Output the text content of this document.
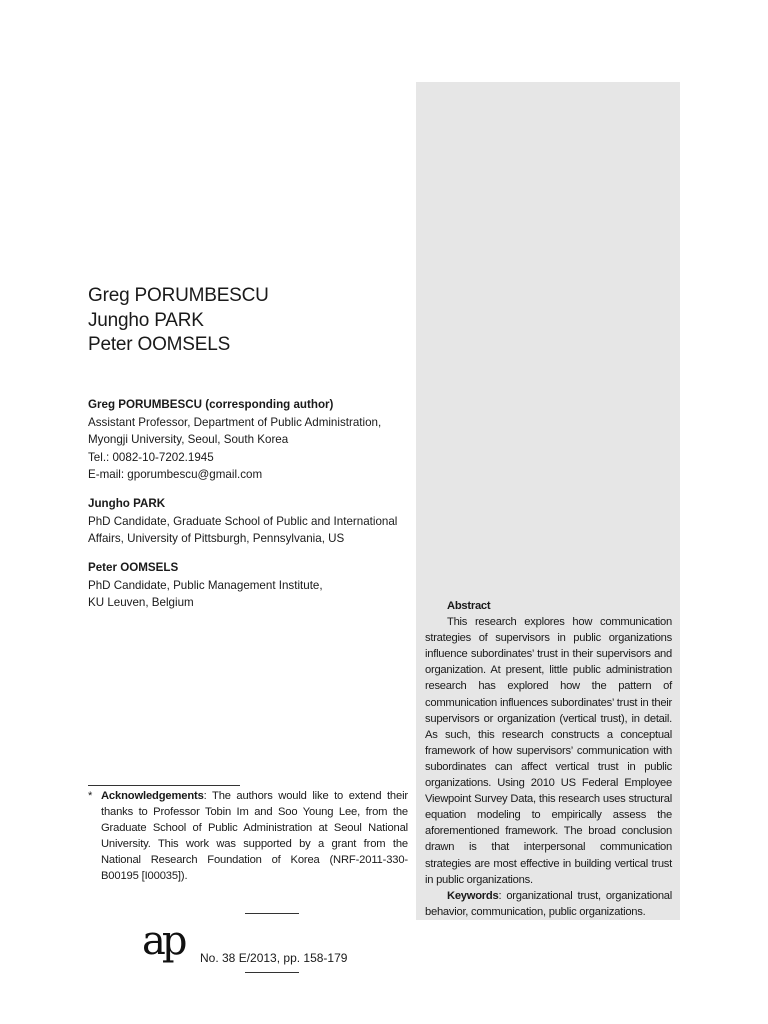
Greg PORUMBESCU
Jungho PARK
Peter OOMSELS
Greg PORUMBESCU (corresponding author)
Assistant Professor, Department of Public Administration,
Myongji University, Seoul, South Korea
Tel.: 0082-10-7202.1945
E-mail: gporumbescu@gmail.com
Jungho PARK
PhD Candidate, Graduate School of Public and International
Affairs, University of Pittsburgh, Pennsylvania, US
Peter OOMSELS
PhD Candidate, Public Management Institute,
KU Leuven, Belgium	Abstract
This research explores how communication strategies of supervisors in public organizations influence subordinates’ trust in their supervisors and organization. At present, little public administration research has explored how the pattern of communication influences subordinates’ trust in their supervisors or organization (vertical trust), in detail. As such, this research constructs a conceptual framework of how supervisors’ communication with subordinates can affect vertical trust in public organizations. Using 2010 US Federal Employee Viewpoint Survey Data, this research uses structural equation modeling to empirically assess the aforementioned framework. The broad conclusion drawn is that interpersonal communication strategies are most effective in building vertical trust in public organizations.
Keywords: organizational trust, organizational behavior, communication, public organizations.
* Acknowledgements: The authors would like to extend their thanks to Professor Tobin Im and Soo Young Lee, from the Graduate School of Public Administration at Seoul National University. This work was supported by a grant from the National Research Foundation of Korea (NRF-2011-330-B00195 [I00035]).
ap No. 38 E/2013, pp. 158-179
